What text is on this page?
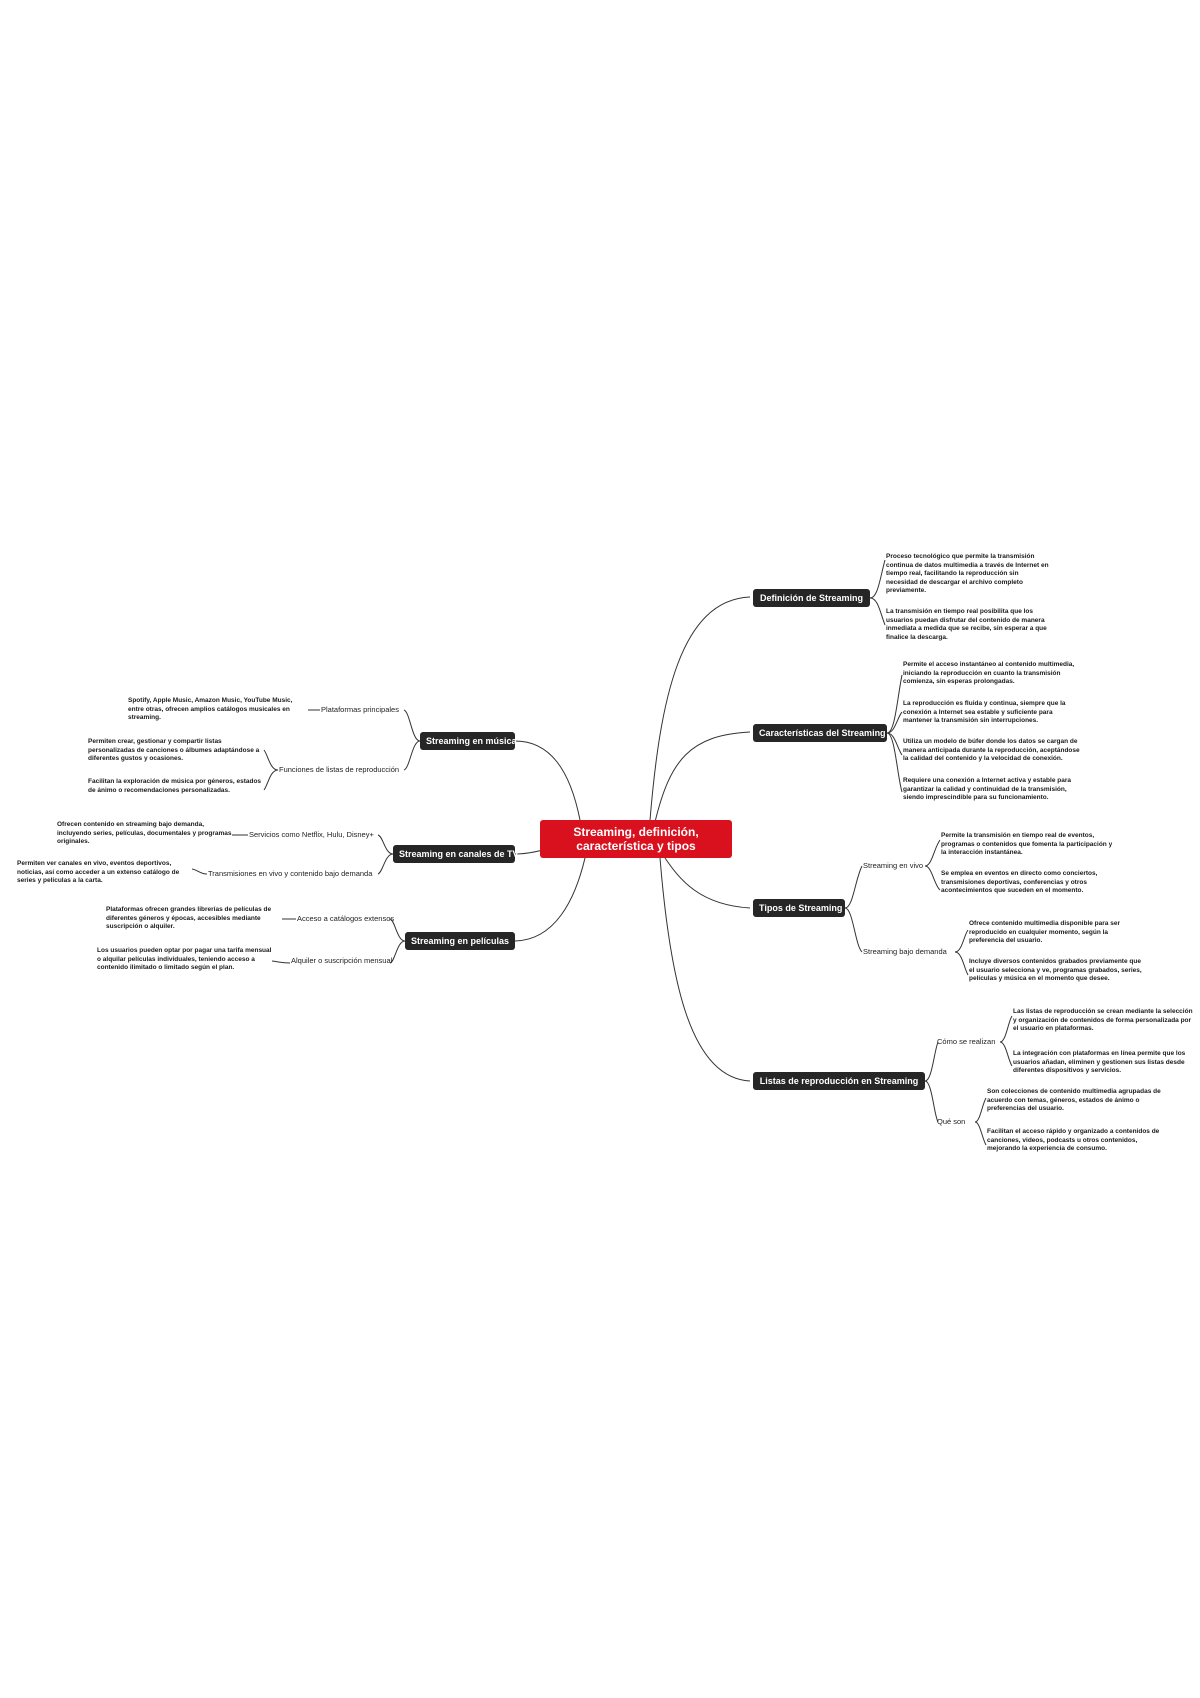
Streaming, definición, característica y tipos
Definición de Streaming
Proceso tecnológico que permite la transmisión continua de datos multimedia a través de Internet en tiempo real, facilitando la reproducción sin necesidad de descargar el archivo completo previamente.
La transmisión en tiempo real posibilita que los usuarios puedan disfrutar del contenido de manera inmediata a medida que se recibe, sin esperar a que finalice la descarga.
Características del Streaming
Permite el acceso instantáneo al contenido multimedia, iniciando la reproducción en cuanto la transmisión comienza, sin esperas prolongadas.
La reproducción es fluida y continua, siempre que la conexión a Internet sea estable y suficiente para mantener la transmisión sin interrupciones.
Utiliza un modelo de búfer donde los datos se cargan de manera anticipada durante la reproducción, aceptándose la calidad del contenido y la velocidad de conexión.
Requiere una conexión a Internet activa y estable para garantizar la calidad y continuidad de la transmisión, siendo imprescindible para su funcionamiento.
Tipos de Streaming
Streaming en vivo
Permite la transmisión en tiempo real de eventos, programas o contenidos que fomenta la participación y la interacción instantánea.
Se emplea en eventos en directo como conciertos, transmisiones deportivas, conferencias y otros acontecimientos que suceden en el momento.
Streaming bajo demanda
Ofrece contenido multimedia disponible para ser reproducido en cualquier momento, según la preferencia del usuario.
Incluye diversos contenidos grabados previamente que el usuario selecciona y ve, programas grabados, series, películas y música en el momento que desee.
Listas de reproducción en Streaming
Cómo se realizan
Las listas de reproducción se crean mediante la selección y organización de contenidos de forma personalizada por el usuario en plataformas.
La integración con plataformas en línea permite que los usuarios añadan, eliminen y gestionen sus listas desde diferentes dispositivos y servicios.
Qué son
Son colecciones de contenido multimedia agrupadas de acuerdo con temas, géneros, estados de ánimo o preferencias del usuario.
Facilitan el acceso rápido y organizado a contenidos de canciones, videos, podcasts u otros contenidos, mejorando la experiencia de consumo.
Streaming en música
Plataformas principales
Spotify, Apple Music, Amazon Music, YouTube Music, entre otras, ofrecen amplios catálogos musicales en streaming.
Funciones de listas de reproducción
Permiten crear, gestionar y compartir listas personalizadas de canciones o álbumes adaptándose a diferentes gustos y ocasiones.
Facilitan la exploración de música por géneros, estados de ánimo o recomendaciones personalizadas.
Streaming en canales de TV
Servicios como Netflix, Hulu, Disney+
Ofrecen contenido en streaming bajo demanda, incluyendo series, películas, documentales y programas originales.
Transmisiones en vivo y contenido bajo demanda
Permiten ver canales en vivo, eventos deportivos, noticias, así como acceder a un extenso catálogo de series y películas a la carta.
Streaming en películas
Acceso a catálogos extensos
Plataformas ofrecen grandes librerías de películas de diferentes géneros y épocas, accesibles mediante suscripción o alquiler.
Alquiler o suscripción mensual
Los usuarios pueden optar por pagar una tarifa mensual o alquilar películas individuales, teniendo acceso a contenido ilimitado o limitado según el plan.
